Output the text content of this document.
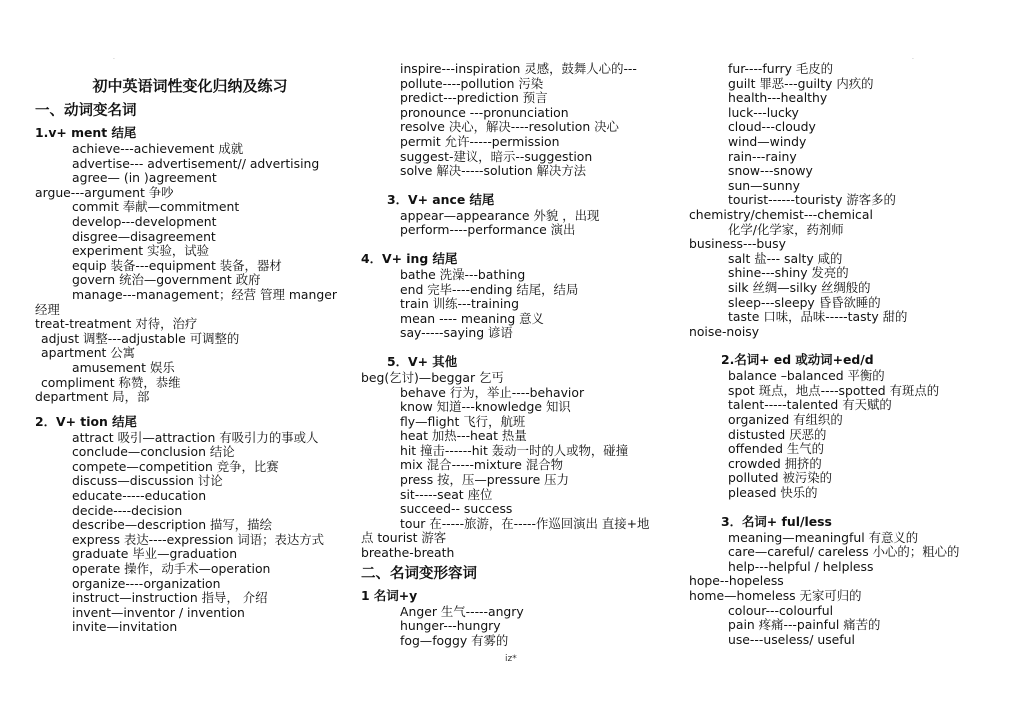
初中英语词性变化归纳及练习
一、动词变名词
1.v+ ment 结尾
achieve---achievement 成就
advertise--- advertisement// advertising
agree— (in )agreement
argue---argument 争吵
commit 奉献—commitment
develop---development
disgree—disagreement
experiment 实验，试验
equip 装备---equipment 装备，器材
govern 统治—government 政府
manage---management；经营 管理 manger
经理
treat-treatment 对待，治疗
adjust 调整---adjustable 可调整的
apartment 公寓
amusement 娱乐
compliment 称赞，恭维
department 局，部
2．V+ tion 结尾
attract 吸引—attraction 有吸引力的事或人
conclude—conclusion 结论
compete—competition 竞争，比赛
discuss—discussion 讨论
educate-----education
decide----decision
describe—description 描写，描绘
express 表达----expression 词语；表达方式
graduate 毕业—graduation
operate 操作，动手术—operation
organize----organization
instruct—instruction 指导， 介绍
invent—inventor / invention
invite—invitation
inspire---inspiration 灵感，鼓舞人心的---
pollute----pollution 污染
predict---prediction 预言
pronounce ---pronunciation
resolve 决心，解决----resolution 决心
permit 允许-----permission
suggest-建议，暗示--suggestion
solve 解决-----solution 解决方法
3．V+ ance 结尾
appear—appearance 外貌 ，出现
perform----performance 演出
4．V+ ing 结尾
bathe 洗澡---bathing
end 完毕----ending 结尾，结局
train 训练---training
mean ---- meaning 意义
say-----saying 谚语
5．V+ 其他
beg(乞讨)—beggar 乞丐
behave 行为，举止----behavior
know 知道---knowledge 知识
fly—flight 飞行，航班
heat 加热---heat 热量
hit 撞击------hit 轰动一时的人或物，碰撞
mix 混合-----mixture 混合物
press 按，压—pressure 压力
sit-----seat 座位
succeed-- success
tour 在-----旅游，在-----作巡回演出 直接+地
点 tourist 游客
breathe-breath
二、名词变形容词
1 名词+y
Anger 生气-----angry
hunger---hungry
fog—foggy 有雾的
fur----furry 毛皮的
guilt 罪恶---guilty 内疚的
health---healthy
luck---lucky
cloud---cloudy
wind—windy
rain---rainy
snow---snowy
sun—sunny
tourist------touristy 游客多的
chemistry/chemist---chemical
化学/化学家，药剂师
business---busy
salt 盐--- salty 咸的
shine---shiny 发亮的
silk 丝绸—silky 丝绸般的
sleep---sleepy 昏昏欲睡的
taste 口味，品味-----tasty 甜的
noise-noisy
2.名词+ ed 或动词+ed/d
balance –balanced 平衡的
spot 斑点，地点----spotted 有斑点的
talent-----talented 有天赋的
organized 有组织的
distusted 厌恶的
offended 生气的
crowded 拥挤的
polluted 被污染的
pleased 快乐的
3．名词+ ful/less
meaning—meaningful 有意义的
care—careful/ careless 小心的；粗心的
help---helpful / helpless
hope--hopeless
home—homeless 无家可归的
colour---colourful
pain 疼痛---painful 痛苦的
use---useless/ useful
iz*
·	·
